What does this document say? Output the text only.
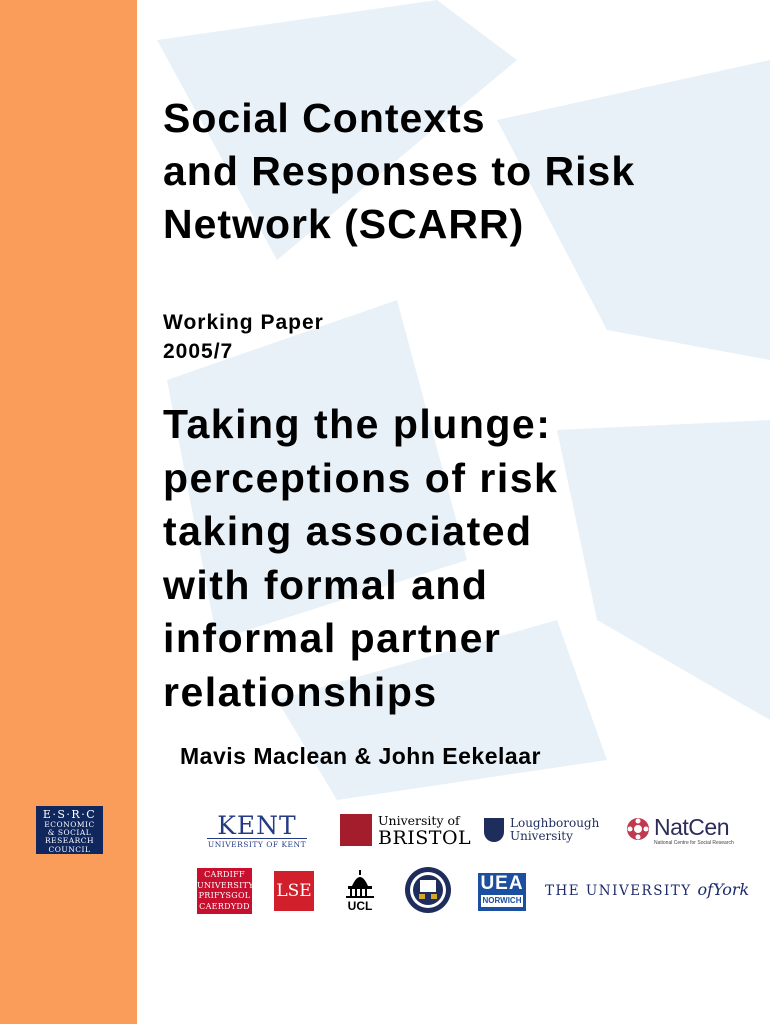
Social Contexts
and Responses to Risk
Network (SCARR)
Working Paper
2005/7
Taking the plunge:
perceptions of risk
taking associated
with formal and
informal partner
relationships
Mavis Maclean & John Eekelaar
E·S·R·C
ECONOMIC
& SOCIAL
RESEARCH
COUNCIL
KENT
UNIVERSITY OF KENT
University of
BRISTOL
Loughborough
University	NatCen
National Centre for Social Research
CARDIFF
UNIVERSITY
PRIFYSGOL
CAERDYDD
LSE
UCL
UEA
NORWICH
THE UNIVERSITY ofYork
